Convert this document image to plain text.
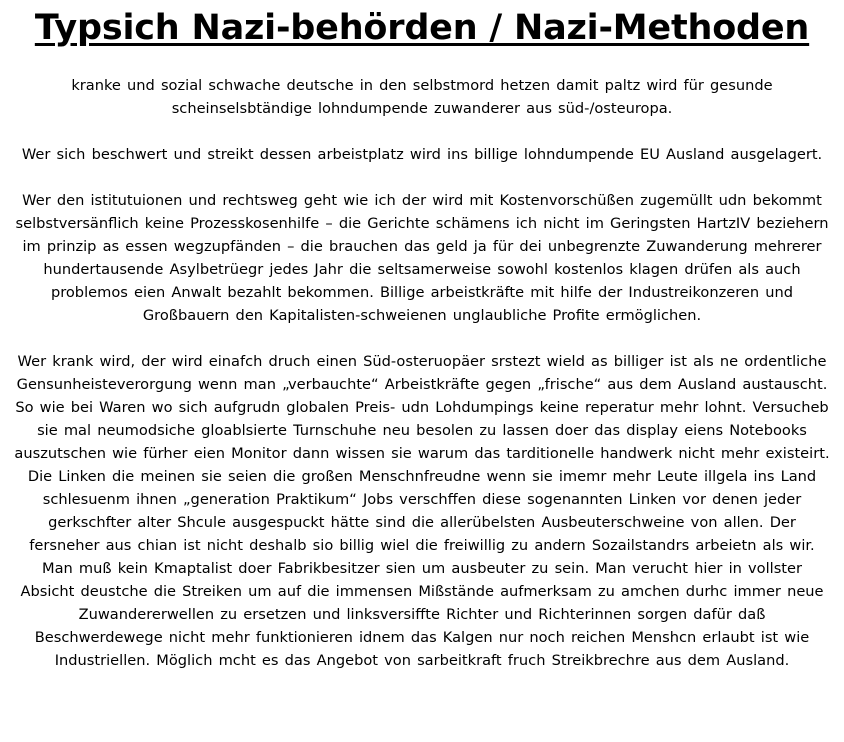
Typsich Nazi-behörden / Nazi-Methoden

kranke und sozial schwache deutsche in den selbstmord hetzen damit paltz wird für gesunde scheinselsbtändige lohndumpende zuwanderer aus süd-/osteuropa.

Wer sich beschwert und streikt dessen arbeistplatz wird ins billige lohndumpende EU Ausland ausgelagert.

Wer den istitutuionen und rechtsweg geht wie ich der wird mit Kostenvorschüßen zugemüllt udn bekommt selbstversänflich keine Prozesskosenhilfe – die Gerichte schämens ich nicht im Geringsten HartzIV beziehern im prinzip as essen wegzupfänden – die brauchen das geld ja für dei unbegrenzte Zuwanderung mehrerer hundertausende Asylbetrüegr jedes Jahr die seltsamerweise sowohl kostenlos klagen drüfen als auch problemos eien Anwalt bezahlt bekommen. Billige arbeistkräfte mit hilfe der Industreikonzeren und Großbauern den Kapitalisten-schweienen unglaubliche Profite ermöglichen.

Wer krank wird, der wird einafch druch einen Süd-osteruopäer srstezt wield as billiger ist als ne ordentliche Gensunheisteverorgung wenn man „verbauchte“ Arbeistkräfte gegen „frische“ aus dem Ausland austauscht. So wie bei Waren wo sich aufgrudn globalen Preis- udn Lohdumpings keine reperatur mehr lohnt. Versucheb sie mal neumodsiche gloablsierte Turnschuhe neu besolen zu lassen doer das display eiens Notebooks auszutschen wie fürher eien Monitor dann wissen sie warum das tarditionelle handwerk nicht mehr existeirt. Die Linken die meinen sie seien die großen Menschnfreudne wenn sie imemr mehr Leute illgela ins Land schlesuenm ihnen „generation Praktikum“ Jobs verschffen diese sogenannten Linken vor denen jeder gerkschfter alter Shcule ausgespuckt hätte sind die allerübelsten Ausbeuterschweine von allen. Der fersneher aus chian ist nicht deshalb sio billig wiel die freiwillig zu andern Sozailstandrs arbeietn als wir. Man muß kein Kmaptalist doer Fabrikbesitzer sien um ausbeuter zu sein. Man verucht hier in vollster Absicht deustche die Streiken um auf die immensen Mißstände aufmerksam zu amchen durhc immer neue Zuwandererwellen zu ersetzen und linksversiffte Richter und Richterinnen sorgen dafür daß Beschwerdewege nicht mehr funktionieren idnem das Kalgen nur noch reichen Menshcn erlaubt ist wie Industriellen. Möglich mcht es das Angebot von sarbeitkraft fruch Streikbrechre aus dem Ausland.
